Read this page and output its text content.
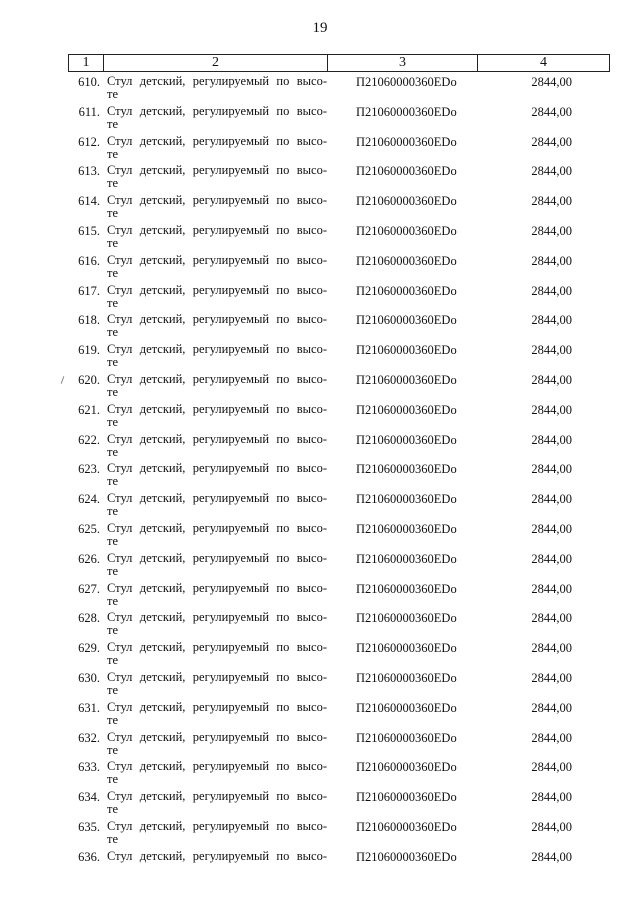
19
1	2	3	4
610. Стул детский, регулируемый по высо-
те
П21060000360EDо	2844,00
611. Стул детский, регулируемый по высо-
те
П21060000360EDо	2844,00
612. Стул детский, регулируемый по высо-
те
П21060000360EDо	2844,00
613. Стул детский, регулируемый по высо-
те
П21060000360EDо	2844,00
614. Стул детский, регулируемый по высо-
те
П21060000360EDо	2844,00
615. Стул детский, регулируемый по высо-
те
П21060000360EDо	2844,00
616. Стул детский, регулируемый по высо-
те
П21060000360EDо	2844,00
617. Стул детский, регулируемый по высо-
те
П21060000360EDо	2844,00
618. Стул детский, регулируемый по высо-
те
П21060000360EDо	2844,00
619. Стул детский, регулируемый по высо-
те
П21060000360EDо	2844,00
620. Стул детский, регулируемый по высо-
те
П21060000360EDо	2844,00
621. Стул детский, регулируемый по высо-
те
П21060000360EDо	2844,00
622. Стул детский, регулируемый по высо-
те
П21060000360EDо	2844,00
623. Стул детский, регулируемый по высо-
те
П21060000360EDо	2844,00
624. Стул детский, регулируемый по высо-
те
П21060000360EDо	2844,00
625. Стул детский, регулируемый по высо-
те
П21060000360EDо	2844,00
626. Стул детский, регулируемый по высо-
те
П21060000360EDо	2844,00
627. Стул детский, регулируемый по высо-
те
П21060000360EDо	2844,00
628. Стул детский, регулируемый по высо-
те
П21060000360EDо	2844,00
629. Стул детский, регулируемый по высо-
те
П21060000360EDо	2844,00
630. Стул детский, регулируемый по высо-
те
П21060000360EDо	2844,00
631. Стул детский, регулируемый по высо-
те
П21060000360EDо	2844,00
632. Стул детский, регулируемый по высо-
те
П21060000360EDо	2844,00
633. Стул детский, регулируемый по высо-
те
П21060000360EDо	2844,00
634. Стул детский, регулируемый по высо-
те
П21060000360EDо	2844,00
635. Стул детский, регулируемый по высо-
те
П21060000360EDо	2844,00
636. Стул детский, регулируемый по высо- П21060000360EDо	2844,00
